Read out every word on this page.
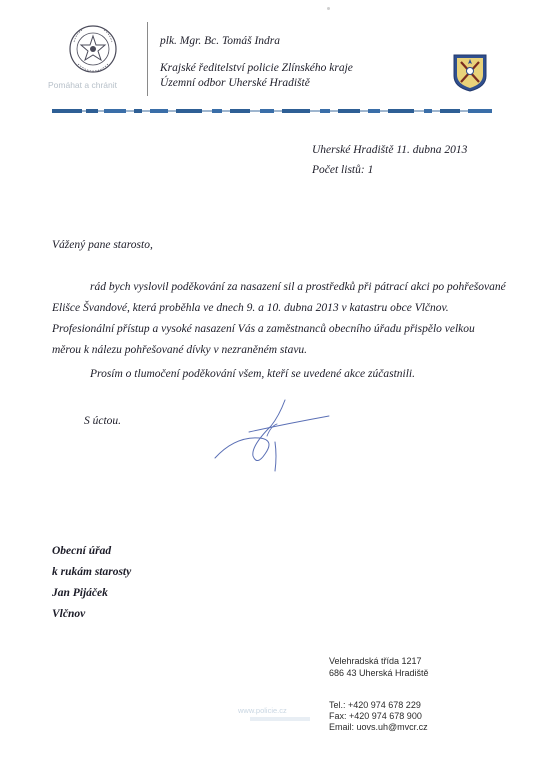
Pomáhat a chránit
plk. Mgr. Bc. Tomáš Indra
Krajské ředitelství policie Zlínského kraje
Územní odbor Uherské Hradiště
Uherské Hradiště 11. dubna 2013
Počet listů: 1
Vážený pane starosto,
rád bych vyslovil poděkování za nasazení sil a prostředků při pátrací akci po pohřešované
Elišce Švandové, která proběhla ve dnech 9. a 10. dubna 2013 v katastru obce Vlčnov.
Profesionální přístup a vysoké nasazení Vás a zaměstnanců obecního úřadu přispělo velkou
měrou k nálezu pohřešované dívky v nezraněném stavu.
Prosím o tlumočení poděkování všem, kteří se uvedené akce zúčastnili.
S úctou.
Obecní úřad
k rukám starosty
Jan Pijáček
Vlčnov
www.policie.cz
Velehradská třída 1217
686 43 Uherská Hradiště
Tel.: +420 974 678 229
Fax: +420 974 678 900
Email: uovs.uh@mvcr.cz
